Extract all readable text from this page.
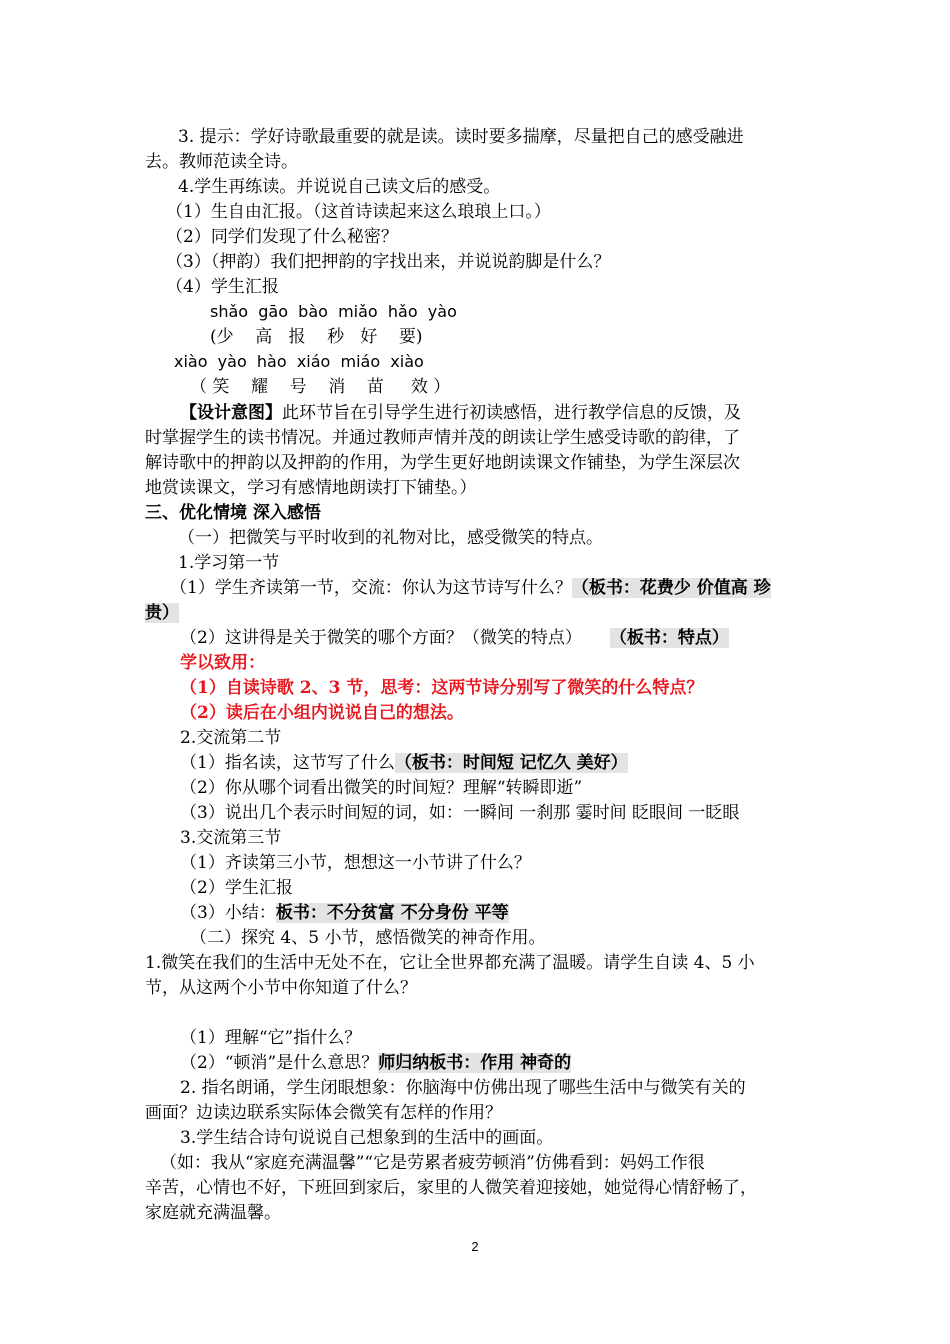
3. 提示：学好诗歌最重要的就是读。读时要多揣摩，尽量把自己的感受融进
去。教师范读全诗。
4.学生再练读。并说说自己读文后的感受。
（1）生自由汇报。（这首诗读起来这么琅琅上口。）
（2）同学们发现了什么秘密？
（3）（押韵）我们把押韵的字找出来，并说说韵脚是什么？
（4）学生汇报
shǎo  gāo  bào  miǎo  hǎo  yào
(少    高   报    秒   好    要)
xiào  yào  hào  xiáo  miáo  xiào
（ 笑    耀    号    消    苗     效 ）
【设计意图】此环节旨在引导学生进行初读感悟，进行教学信息的反馈，及
时掌握学生的读书情况。并通过教师声情并茂的朗读让学生感受诗歌的韵律，了
解诗歌中的押韵以及押韵的作用，为学生更好地朗读课文作铺垫，为学生深层次
地赏读课文，学习有感情地朗读打下铺垫。）
三、优化情境 深入感悟
（一）把微笑与平时收到的礼物对比，感受微笑的特点。
1.学习第一节
（1）学生齐读第一节，交流：你认为这节诗写什么？（板书：花费少 价值高 珍
贵）
（2）这讲得是关于微笑的哪个方面？（微笑的特点） （板书：特点）
学以致用：
（1）自读诗歌 2、3 节，思考：这两节诗分别写了微笑的什么特点？
（2）读后在小组内说说自己的想法。
2.交流第二节
（1）指名读，这节写了什么（板书：时间短 记忆久 美好）
（2）你从哪个词看出微笑的时间短？理解“转瞬即逝”
（3）说出几个表示时间短的词，如：一瞬间 一刹那 霎时间 眨眼间 一眨眼
3.交流第三节
（1）齐读第三小节，想想这一小节讲了什么？
（2）学生汇报
（3）小结：板书：不分贫富 不分身份 平等
（二）探究 4、5 小节，感悟微笑的神奇作用。
1.微笑在我们的生活中无处不在，它让全世界都充满了温暖。请学生自读 4、5 小
节，从这两个小节中你知道了什么？
（1）理解“它”指什么？
（2）“顿消”是什么意思？师归纳板书：作用 神奇的
2. 指名朗诵，学生闭眼想象：你脑海中仿佛出现了哪些生活中与微笑有关的
画面？边读边联系实际体会微笑有怎样的作用？
3.学生结合诗句说说自己想象到的生活中的画面。
（如：我从“家庭充满温馨”“它是劳累者疲劳顿消”仿佛看到：妈妈工作很
辛苦，心情也不好，下班回到家后，家里的人微笑着迎接她，她觉得心情舒畅了，
家庭就充满温馨。
2
